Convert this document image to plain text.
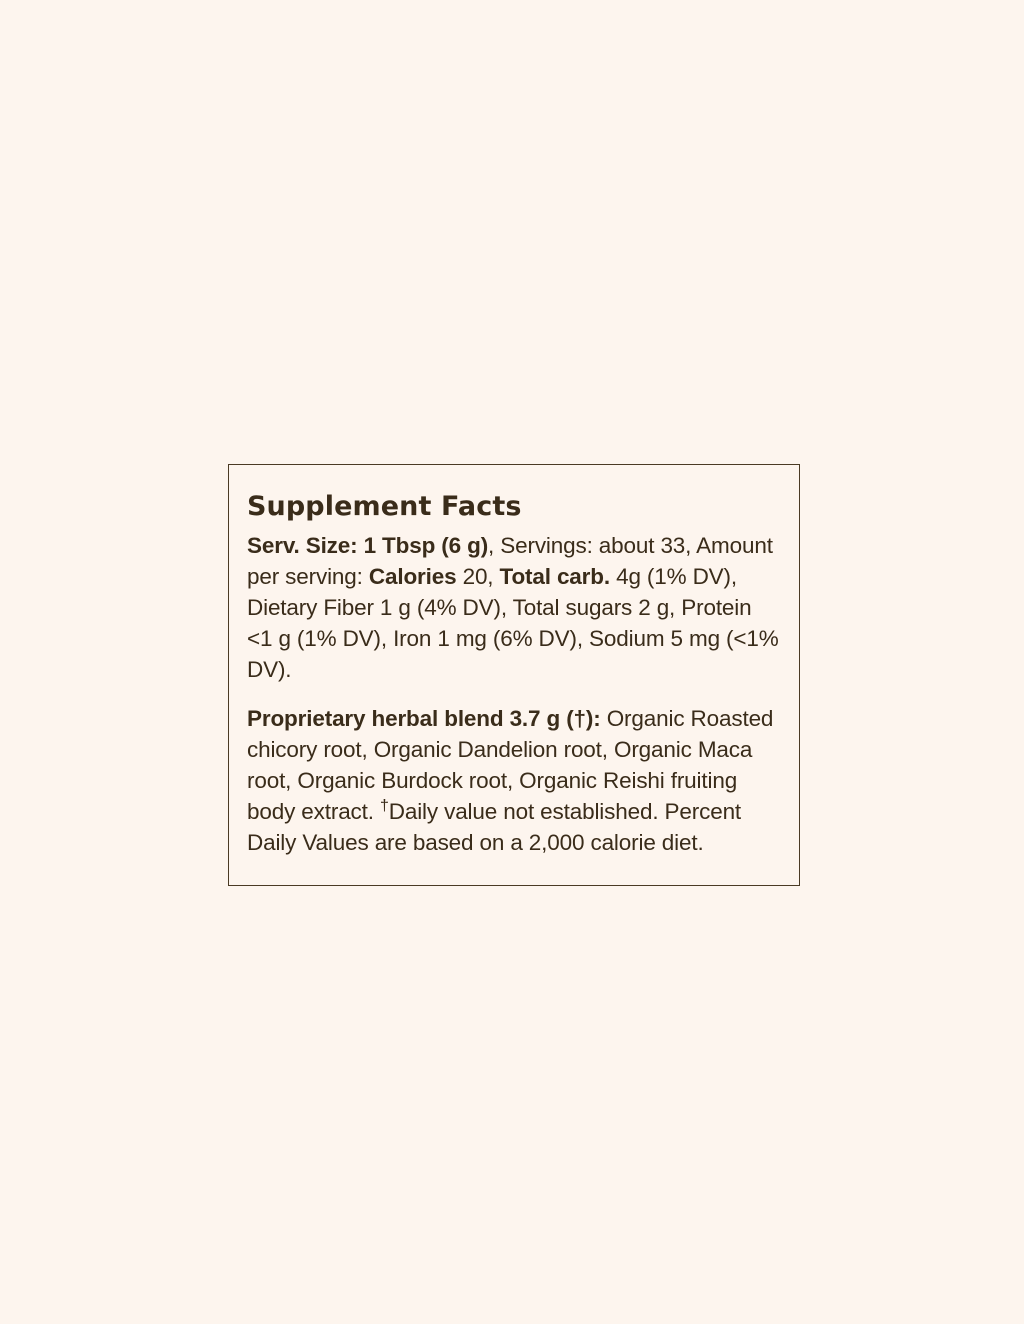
Supplement Facts

Serv. Size: 1 Tbsp (6 g), Servings: about 33, Amount per serving: Calories 20, Total carb. 4g (1% DV), Dietary Fiber 1 g (4% DV), Total sugars 2 g, Protein <1 g (1% DV), Iron 1 mg (6% DV), Sodium 5 mg (<1% DV).

Proprietary herbal blend 3.7 g (†): Organic Roasted chicory root, Organic Dandelion root, Organic Maca root, Organic Burdock root, Organic Reishi fruiting body extract. †Daily value not established. Percent Daily Values are based on a 2,000 calorie diet.
